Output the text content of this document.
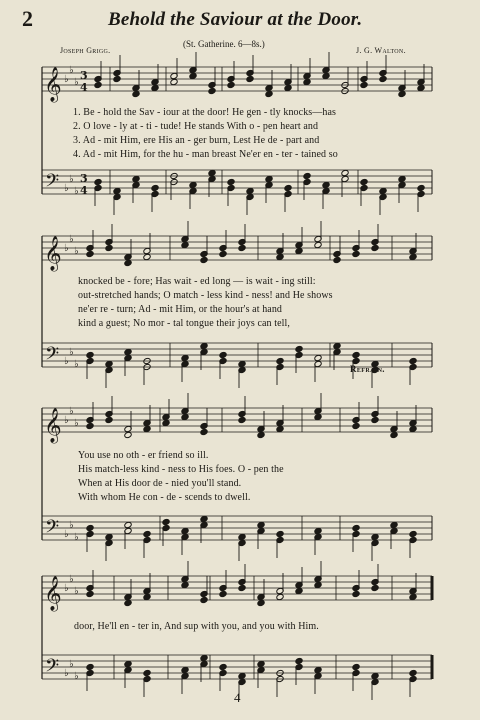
2	Behold the Saviour at the Door.
(St. Gatherine. 6—8s.)
Joseph Grigg.	J. G. Walton.
𝄞
𝄢
♭
♭
♭
♭
♭
♭
3
4
3
4
𝄞
𝄢
♭
♭
♭
♭
♭
♭
𝄞
𝄢
♭
♭
♭
♭
♭
♭
𝄞
𝄢
♭
♭
♭
♭
♭
♭
1. Be - hold the Sav - iour at the door! He gen - tly knocks—has
2. O love - ly at - ti - tude! He stands With o - pen heart and
3. Ad - mit Him, ere His an - ger burn, Lest He de - part and
4. Ad - mit Him, for the hu - man breast Ne'er en - ter - tained so
knocked be - fore; Has wait - ed long — is wait - ing still:
out-stretched hands; O match - less kind - ness! and He shows
ne'er re - turn; Ad - mit Him, or the hour's at hand
kind a guest; No mor - tal tongue their joys can tell,
Refrain.
You use no oth - er friend so ill.
His match-less kind - ness to His foes. O - pen the
When at His door de - nied you'll stand.
With whom He con - de - scends to dwell.
door, He'll en - ter in, And sup with you, and you with Him.
4
